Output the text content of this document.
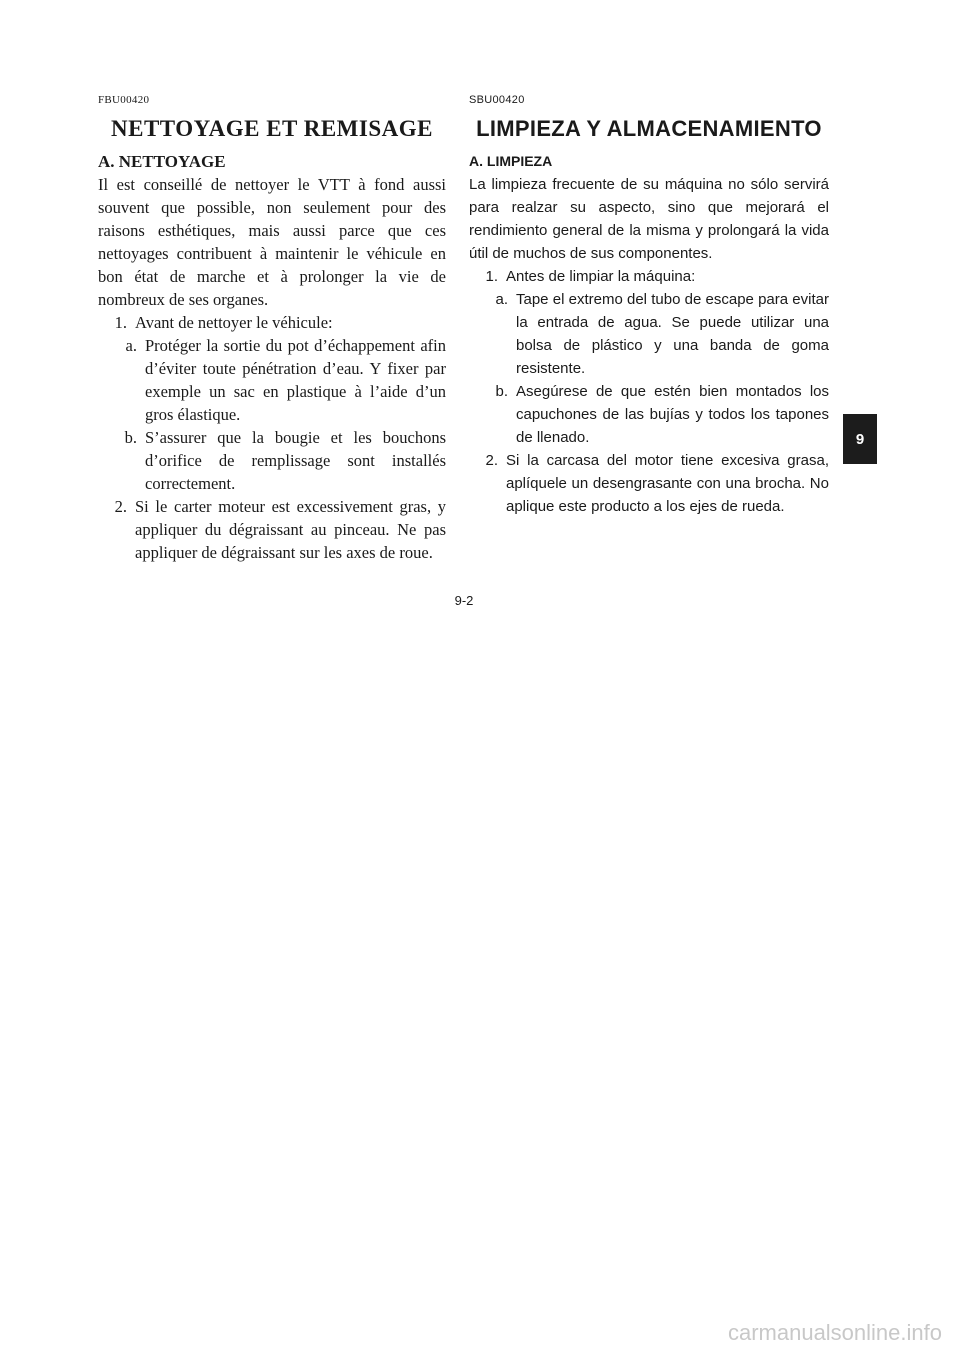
FBU00420
NETTOYAGE ET REMISAGE
A. NETTOYAGE

Il est conseillé de nettoyer le VTT à fond aussi souvent que possible, non seulement pour des raisons esthétiques, mais aussi parce que ces nettoyages contribuent à maintenir le véhicule en bon état de marche et à prolonger la vie de nombreux de ses organes.

1. Avant de nettoyer le véhicule:
a. Protéger la sortie du pot d’échappement afin d’éviter toute pénétration d’eau. Y fixer par exemple un sac en plastique à l’aide d’un gros élastique.
b. S’assurer que la bougie et les bouchons d’orifice de remplissage sont installés correctement.
2. Si le carter moteur est excessivement gras, y appliquer du dégraissant au pinceau. Ne pas appliquer de dégraissant sur les axes de roue.
SBU00420
LIMPIEZA Y ALMACENAMIENTO
A. LIMPIEZA

La limpieza frecuente de su máquina no sólo servirá para realzar su aspecto, sino que mejorará el rendimiento general de la misma y prolongará la vida útil de muchos de sus componentes.

1. Antes de limpiar la máquina:
a. Tape el extremo del tubo de escape para evitar la entrada de agua. Se puede utilizar una bolsa de plástico y una banda de goma resistente.
b. Asegúrese de que estén bien montados los capuchones de las bujías y todos los tapones de llenado.
2. Si la carcasa del motor tiene excesiva grasa, aplíquele un desengrasante con una brocha. No aplique este producto a los ejes de rueda.
9
9-2
carmanualsonline.info
